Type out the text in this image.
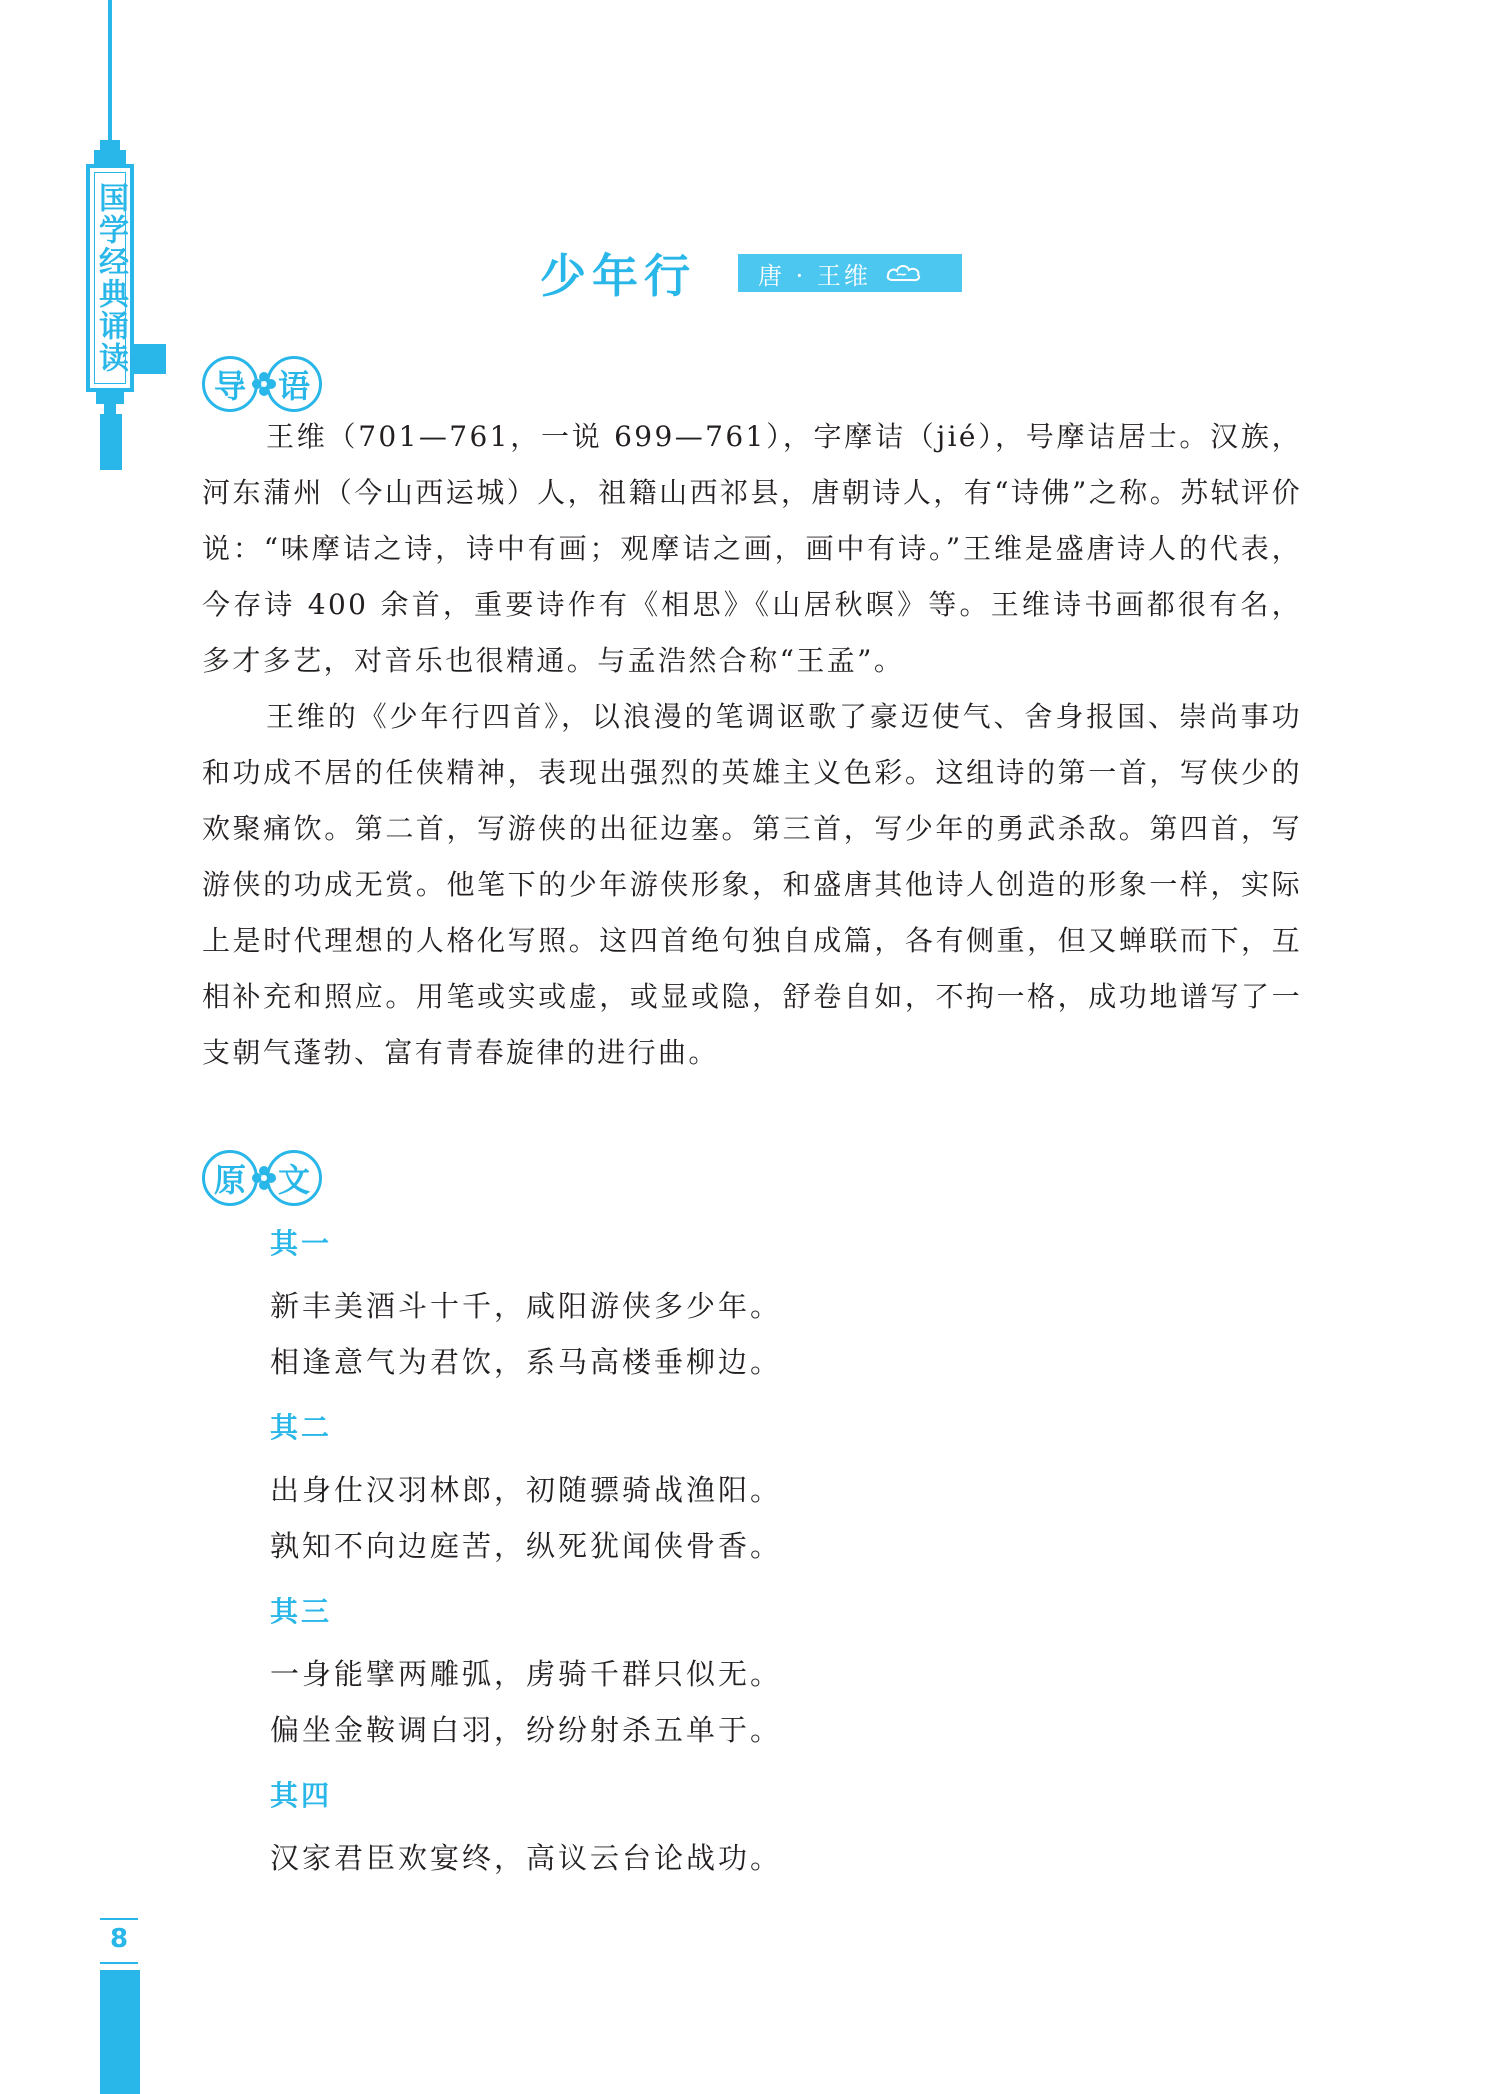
国学经典诵读	少年行	唐 · 王维
导 语

王维（701—761，一说 699—761），字摩诘（jié），号摩诘居士。汉族，河东蒲州（今山西运城）人，祖籍山西祁县，唐朝诗人，有“诗佛”之称。苏轼评价说：“味摩诘之诗，诗中有画；观摩诘之画，画中有诗。”王维是盛唐诗人的代表，今存诗 400 余首，重要诗作有《相思》《山居秋暝》等。王维诗书画都很有名，多才多艺，对音乐也很精通。与孟浩然合称“王孟”。

王维的《少年行四首》，以浪漫的笔调讴歌了豪迈使气、舍身报国、崇尚事功和功成不居的任侠精神，表现出强烈的英雄主义色彩。这组诗的第一首，写侠少的欢聚痛饮。第二首，写游侠的出征边塞。第三首，写少年的勇武杀敌。第四首，写游侠的功成无赏。他笔下的少年游侠形象，和盛唐其他诗人创造的形象一样，实际上是时代理想的人格化写照。这四首绝句独自成篇，各有侧重，但又蝉联而下，互相补充和照应。用笔或实或虚，或显或隐，舒卷自如，不拘一格，成功地谱写了一支朝气蓬勃、富有青春旋律的进行曲。

原 文
其一
新丰美酒斗十千，咸阳游侠多少年。
相逢意气为君饮，系马高楼垂柳边。
其二
出身仕汉羽林郎，初随骠骑战渔阳。
孰知不向边庭苦，纵死犹闻侠骨香。
其三
一身能擘两雕弧，虏骑千群只似无。
偏坐金鞍调白羽，纷纷射杀五单于。
其四
汉家君臣欢宴终，高议云台论战功。
8
